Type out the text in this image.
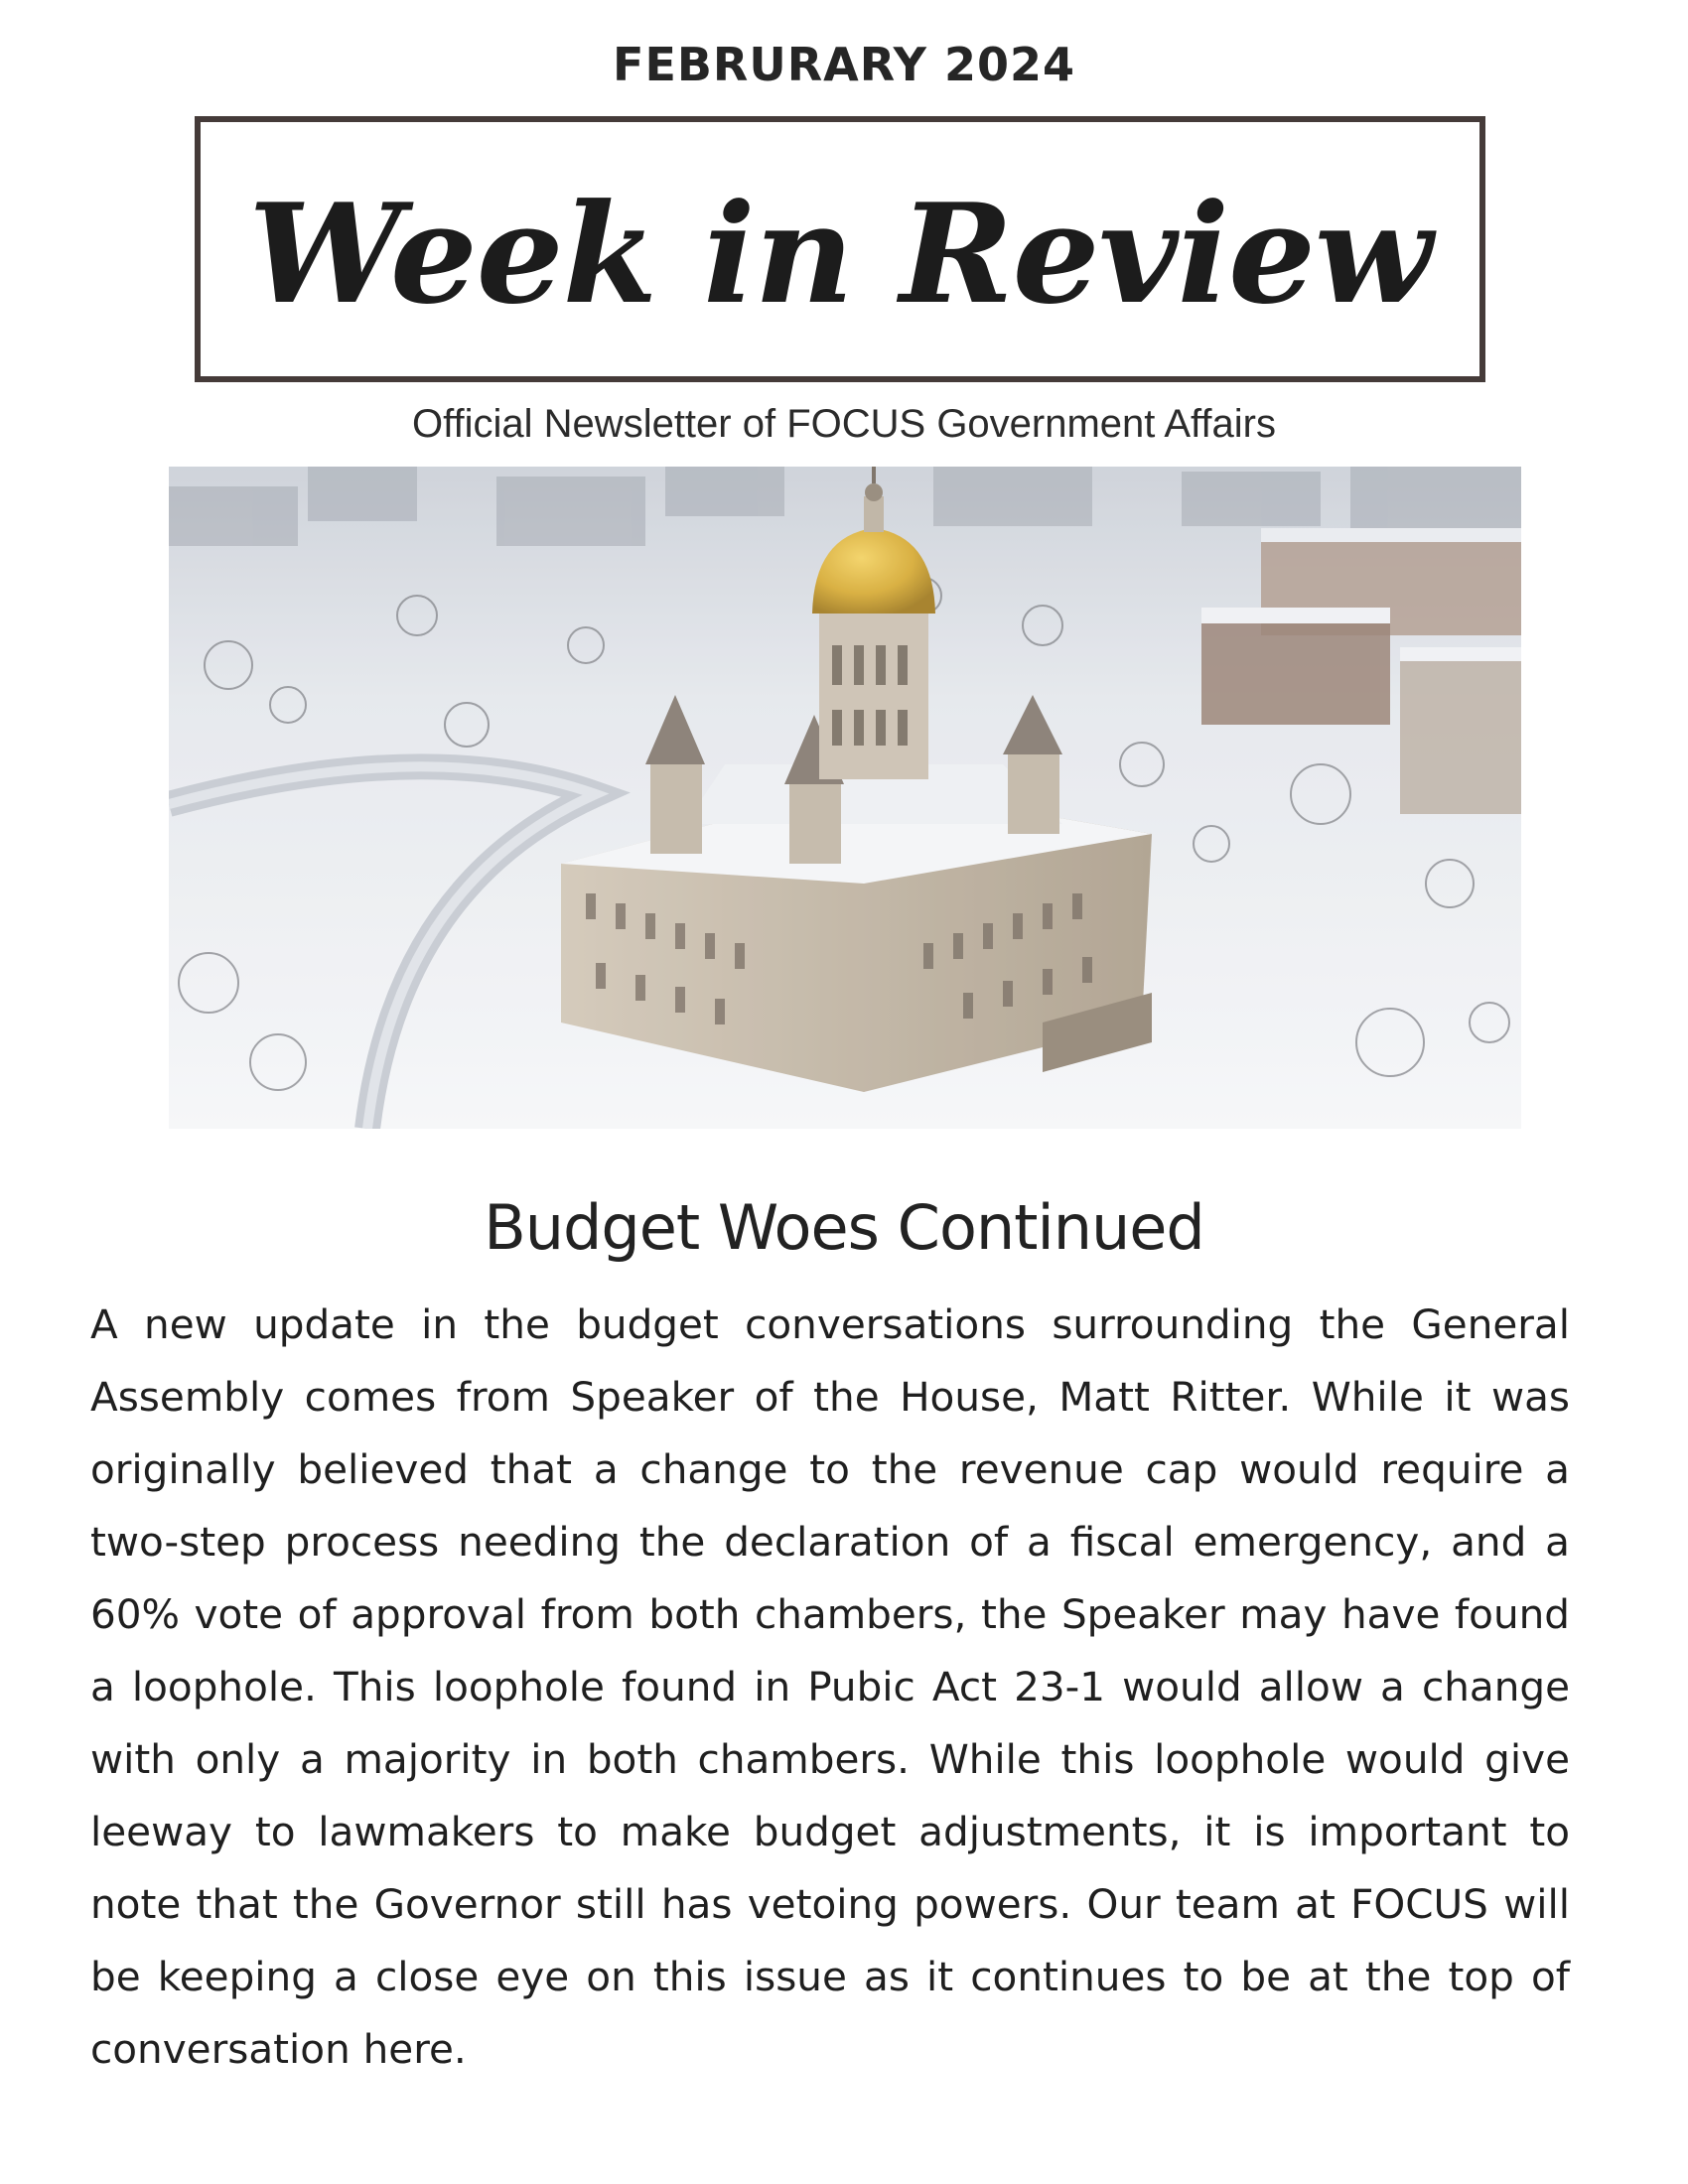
FEBRURARY 2024
Week in Review
Official Newsletter of FOCUS Government Affairs
Budget Woes Continued

A new update in the budget conversations surrounding the General Assembly comes from Speaker of the House, Matt Ritter. While it was originally believed that a change to the revenue cap would require a two-step process needing the declaration of a fiscal emergency, and a 60% vote of approval from both chambers, the Speaker may have found a loophole. This loophole found in Pubic Act 23-1 would allow a change with only a majority in both chambers. While this loophole would give leeway to lawmakers to make budget adjustments, it is important to note that the Governor still has vetoing powers. Our team at FOCUS will be keeping a close eye on this issue as it continues to be at the top of conversation here.
